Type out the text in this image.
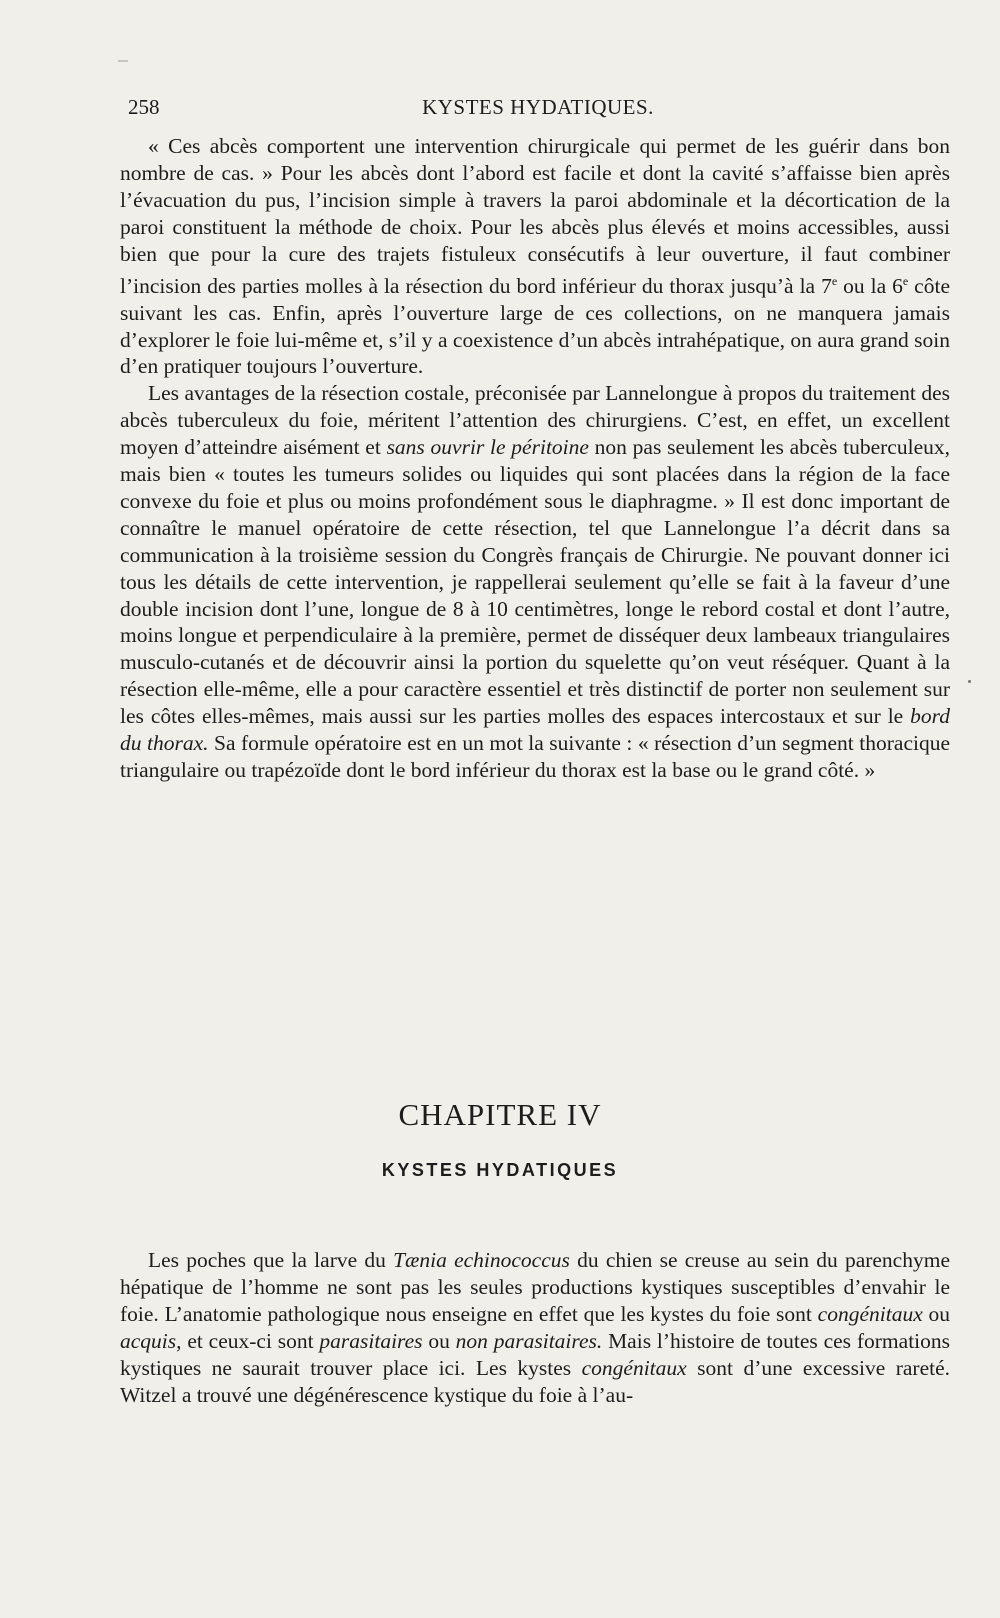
258	KYSTES HYDATIQUES.

« Ces abcès comportent une intervention chirurgicale qui permet de les guérir dans bon nombre de cas. » Pour les abcès dont l’abord est facile et dont la cavité s’affaisse bien après l’évacuation du pus, l’incision simple à travers la paroi abdominale et la décortication de la paroi constituent la méthode de choix. Pour les abcès plus élevés et moins accessibles, aussi bien que pour la cure des trajets fistuleux consécutifs à leur ouverture, il faut combiner l’incision des parties molles à la résection du bord inférieur du thorax jusqu’à la 7e ou la 6e côte suivant les cas. Enfin, après l’ouverture large de ces collections, on ne manquera jamais d’explorer le foie lui-même et, s’il y a coexistence d’un abcès intrahépatique, on aura grand soin d’en pratiquer toujours l’ouverture.

Les avantages de la résection costale, préconisée par Lannelongue à propos du traitement des abcès tuberculeux du foie, méritent l’attention des chirurgiens. C’est, en effet, un excellent moyen d’atteindre aisément et sans ouvrir le péritoine non pas seulement les abcès tuberculeux, mais bien « toutes les tumeurs solides ou liquides qui sont placées dans la région de la face convexe du foie et plus ou moins profondément sous le diaphragme. » Il est donc important de connaître le manuel opératoire de cette résection, tel que Lannelongue l’a décrit dans sa communication à la troisième session du Congrès français de Chirurgie. Ne pouvant donner ici tous les détails de cette intervention, je rappellerai seulement qu’elle se fait à la faveur d’une double incision dont l’une, longue de 8 à 10 centimètres, longe le rebord costal et dont l’autre, moins longue et perpendiculaire à la première, permet de disséquer deux lambeaux triangulaires musculo-cutanés et de découvrir ainsi la portion du squelette qu’on veut réséquer. Quant à la résection elle-même, elle a pour caractère essentiel et très distinctif de porter non seulement sur les côtes elles-mêmes, mais aussi sur les parties molles des espaces intercostaux et sur le bord du thorax. Sa formule opératoire est en un mot la suivante : « résection d’un segment thoracique triangulaire ou trapézoïde dont le bord inférieur du thorax est la base ou le grand côté. »

CHAPITRE IV
KYSTES HYDATIQUES

Les poches que la larve du Tænia echinococcus du chien se creuse au sein du parenchyme hépatique de l’homme ne sont pas les seules productions kystiques susceptibles d’envahir le foie. L’anatomie pathologique nous enseigne en effet que les kystes du foie sont congénitaux ou acquis, et ceux-ci sont parasitaires ou non parasitaires. Mais l’histoire de toutes ces formations kystiques ne saurait trouver place ici. Les kystes congénitaux sont d’une excessive rareté. Witzel a trouvé une dégénérescence kystique du foie à l’au-
